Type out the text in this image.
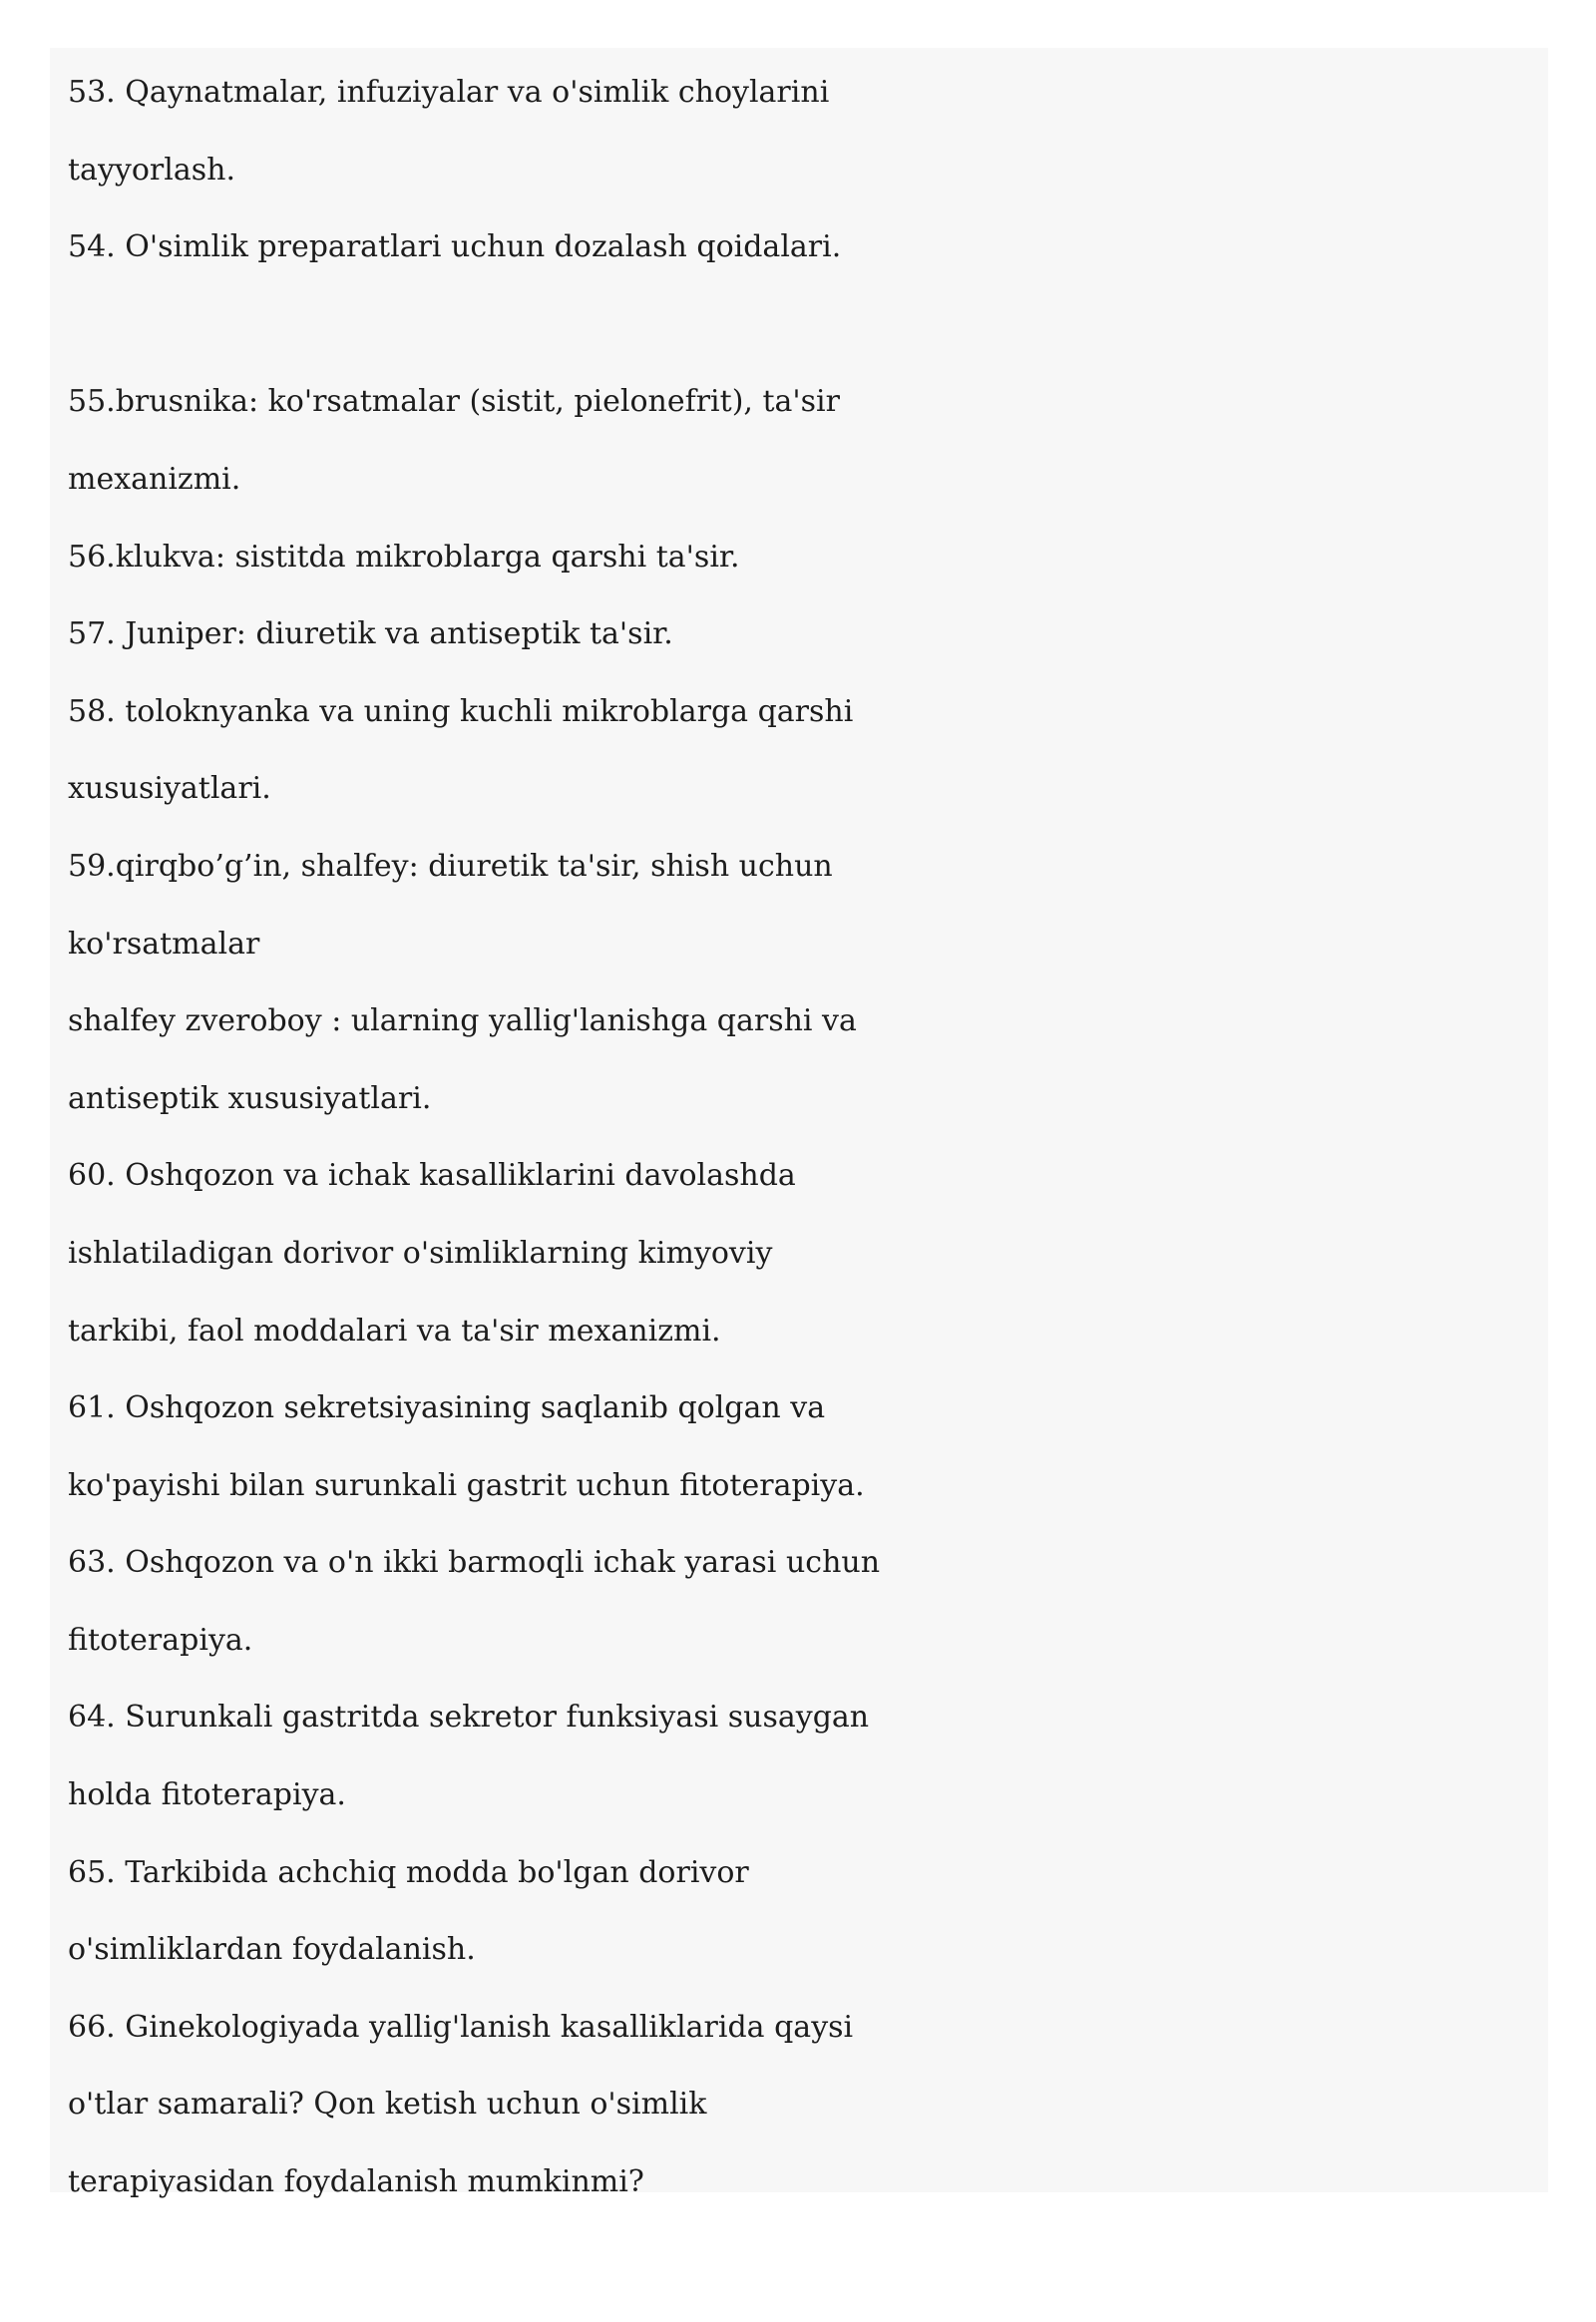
53. Qaynatmalar, infuziyalar va o'simlik choylarini
tayyorlash.
54. O'simlik preparatlari uchun dozalash qoidalari.
55.brusnika: ko'rsatmalar (sistit, pielonefrit), ta'sir
mexanizmi.
56.klukva: sistitda mikroblarga qarshi ta'sir.
57. Juniper: diuretik va antiseptik ta'sir.
58. toloknyanka va uning kuchli mikroblarga qarshi
xususiyatlari.
59.qirqbo’g’in, shalfey: diuretik ta'sir, shish uchun
ko'rsatmalar
shalfey zveroboy : ularning yallig'lanishga qarshi va
antiseptik xususiyatlari.
60. Oshqozon va ichak kasalliklarini davolashda
ishlatiladigan dorivor o'simliklarning kimyoviy
tarkibi, faol moddalari va ta'sir mexanizmi.
61. Oshqozon sekretsiyasining saqlanib qolgan va
ko'payishi bilan surunkali gastrit uchun fitoterapiya.
63. Oshqozon va o'n ikki barmoqli ichak yarasi uchun
fitoterapiya.
64. Surunkali gastritda sekretor funksiyasi susaygan
holda fitoterapiya.
65. Tarkibida achchiq modda bo'lgan dorivor
o'simliklardan foydalanish.
66. Ginekologiyada yallig'lanish kasalliklarida qaysi
o'tlar samarali? Qon ketish uchun o'simlik
terapiyasidan foydalanish mumkinmi?
